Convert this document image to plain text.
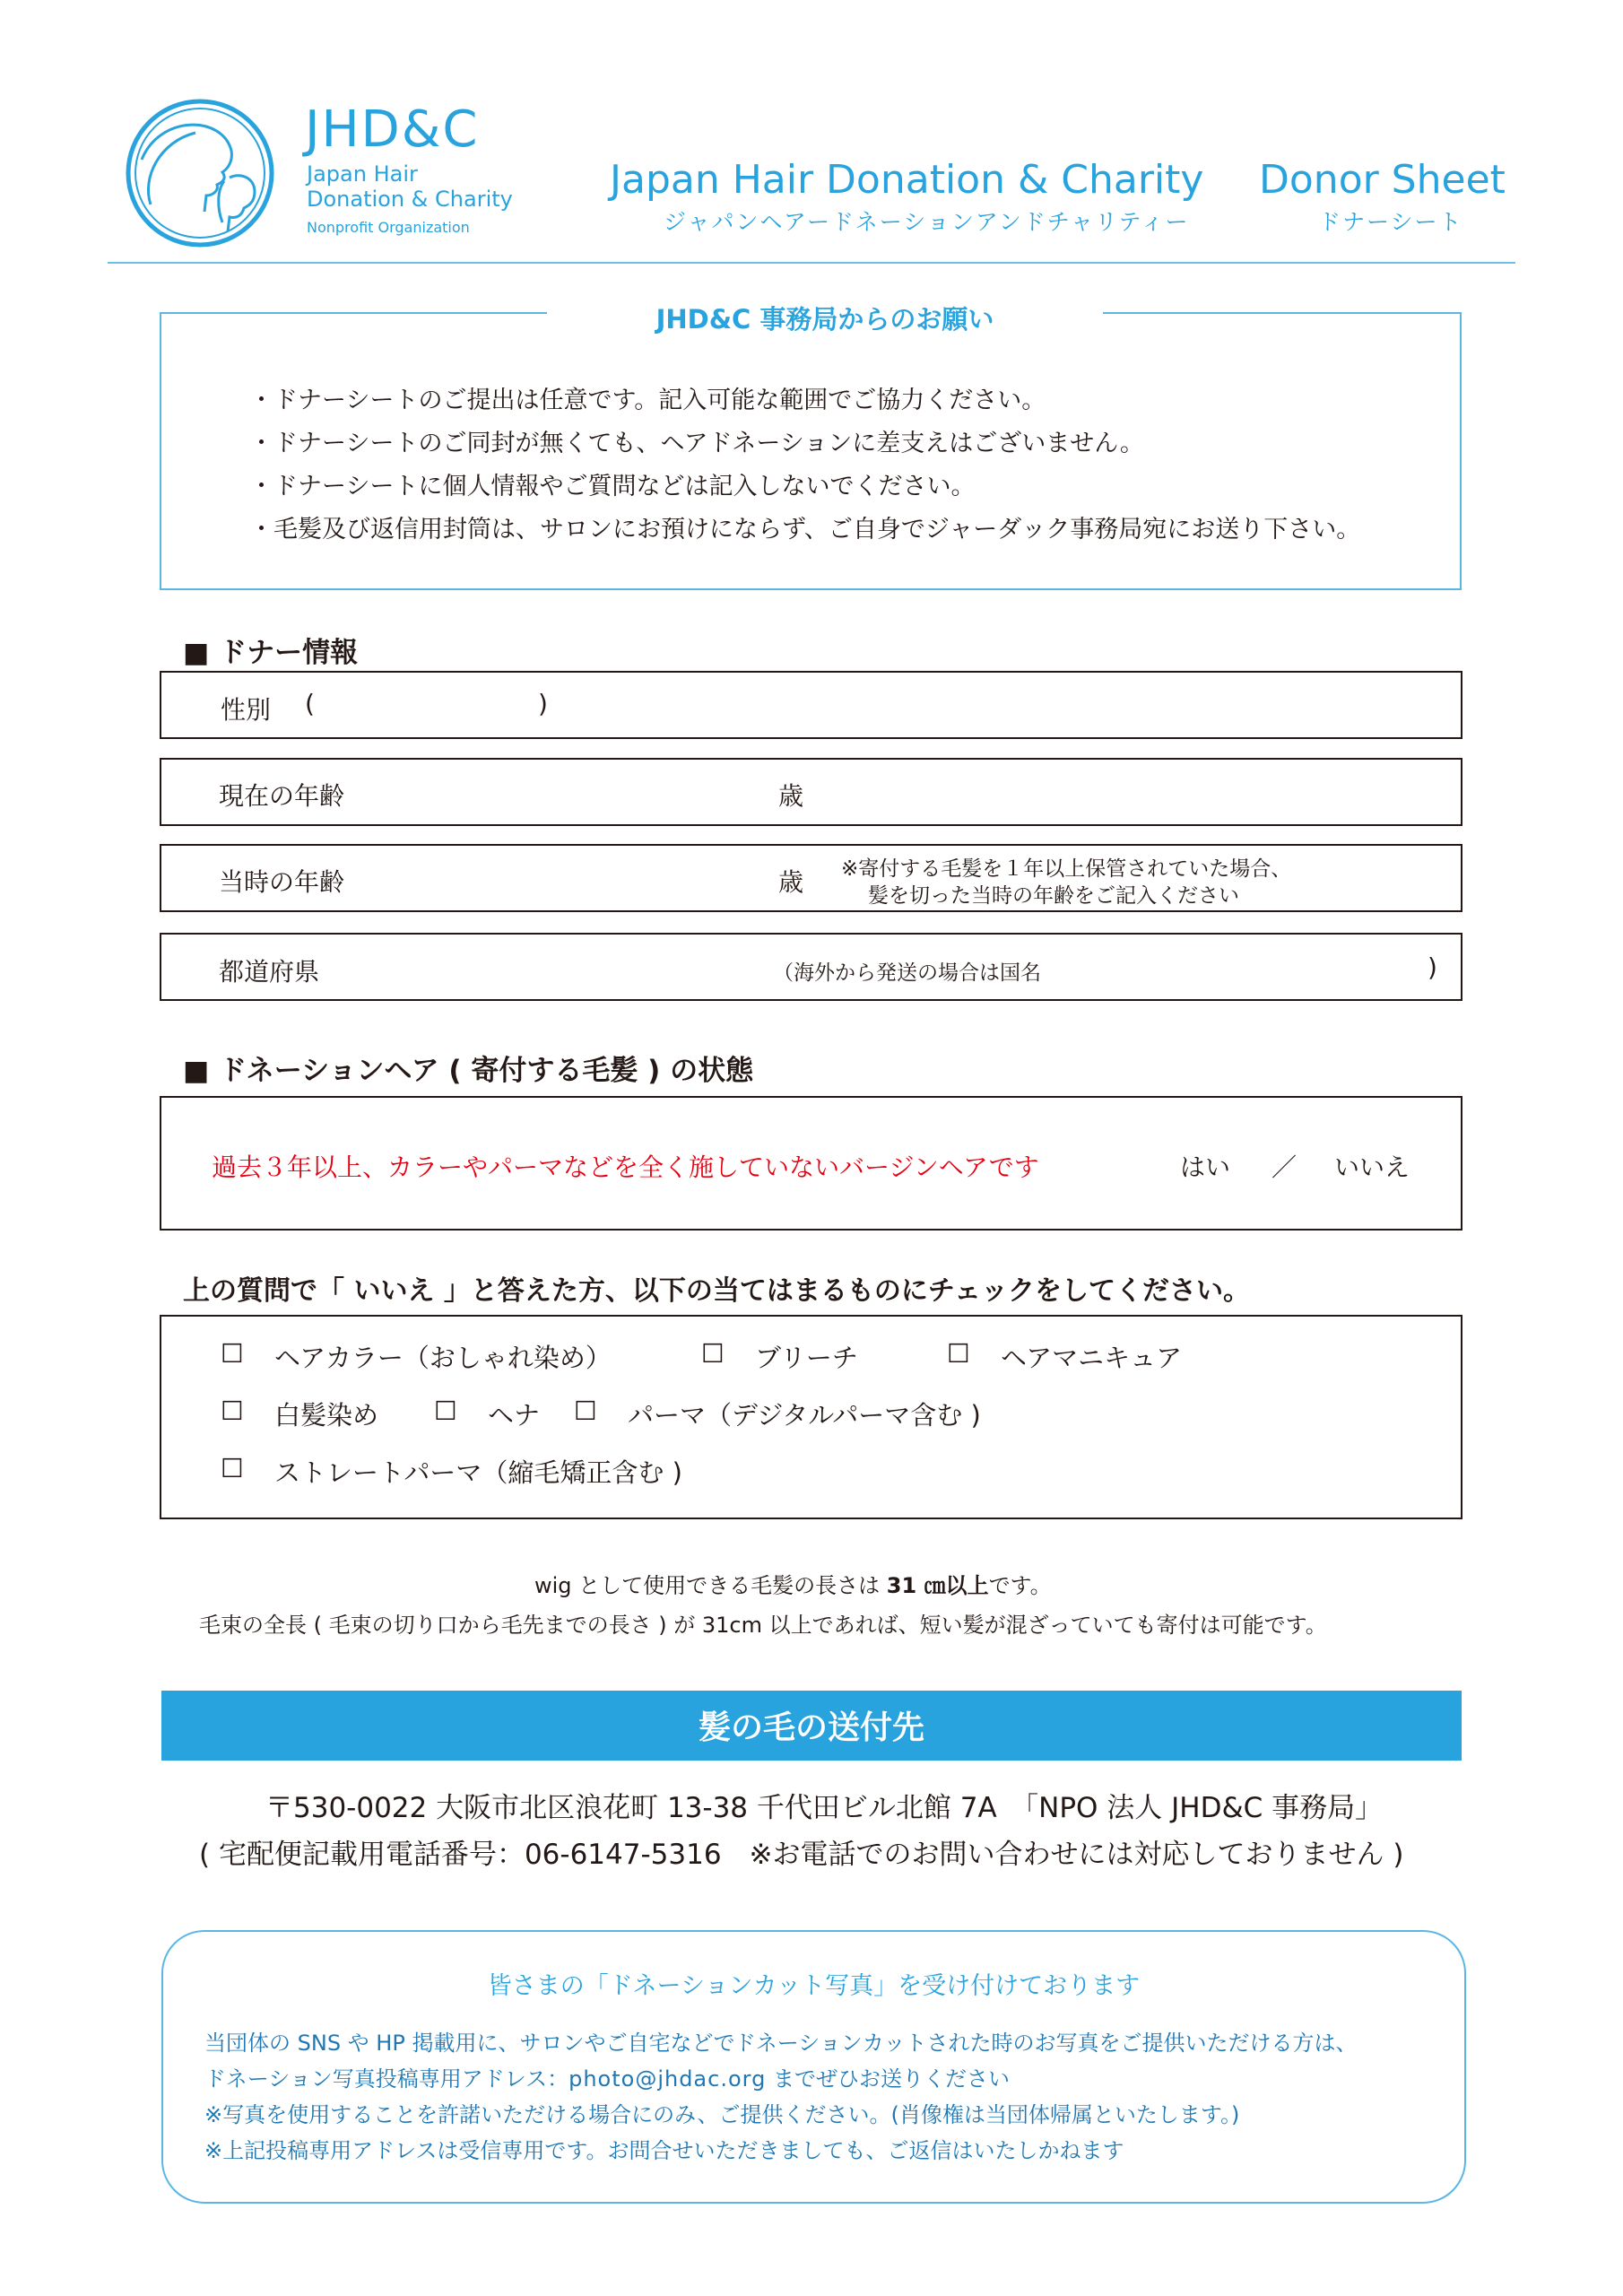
JHD&C
Japan Hair
Donation & Charity
Nonprofit Organization
Japan Hair Donation & Charity
ジャパンヘアードネーションアンドチャリティー
Donor Sheet
ドナーシート
JHD&C 事務局からのお願い
・ドナーシートのご提出は任意です。記入可能な範囲でご協力ください。
・ドナーシートのご同封が無くても、ヘアドネーションに差支えはございません。
・ドナーシートに個人情報やご質問などは記入しないでください。
・毛髪及び返信用封筒は、サロンにお預けにならず、ご自身でジャーダック事務局宛にお送り下さい。
■ ドナー情報
性別 (	)
現在の年齢	歳
当時の年齢	歳 ※寄付する毛髪を１年以上保管されていた場合、
髪を切った当時の年齢をご記入ください
都道府県	（海外から発送の場合は国名	)
■ ドネーションヘア ( 寄付する毛髪 ) の状態
過去３年以上、カラーやパーマなどを全く施していないバージンヘアです	はい ／ いいえ
上の質問で「 いいえ 」と答えた方、以下の当てはまるものにチェックをしてください。
☐ ヘアカラー（おしゃれ染め）	☐ ブリーチ	☐ ヘアマニキュア
☐ 白髪染め ☐ ヘナ ☐ パーマ（デジタルパーマ含む )
☐ ストレートパーマ（縮毛矯正含む )
wig として使用できる毛髪の長さは 31 ㎝以上です。
毛束の全長 ( 毛束の切り口から毛先までの長さ ) が 31cm 以上であれば、短い髪が混ざっていても寄付は可能です。
髪の毛の送付先
〒530-0022 大阪市北区浪花町 13-38 千代田ビル北館 7A　「NPO 法人 JHD&C 事務局」
( 宅配便記載用電話番号：06-6147-5316　※お電話でのお問い合わせには対応しておりません )
皆さまの「ドネーションカット写真」を受け付けております
当団体の SNS や HP 掲載用に、サロンやご自宅などでドネーションカットされた時のお写真をご提供いただける方は、
ドネーション写真投稿専用アドレス：photo@jhdac.org までぜひお送りください
※写真を使用することを許諾いただける場合にのみ、ご提供ください。(肖像権は当団体帰属といたします。)
※上記投稿専用アドレスは受信専用です。お問合せいただきましても、ご返信はいたしかねます
